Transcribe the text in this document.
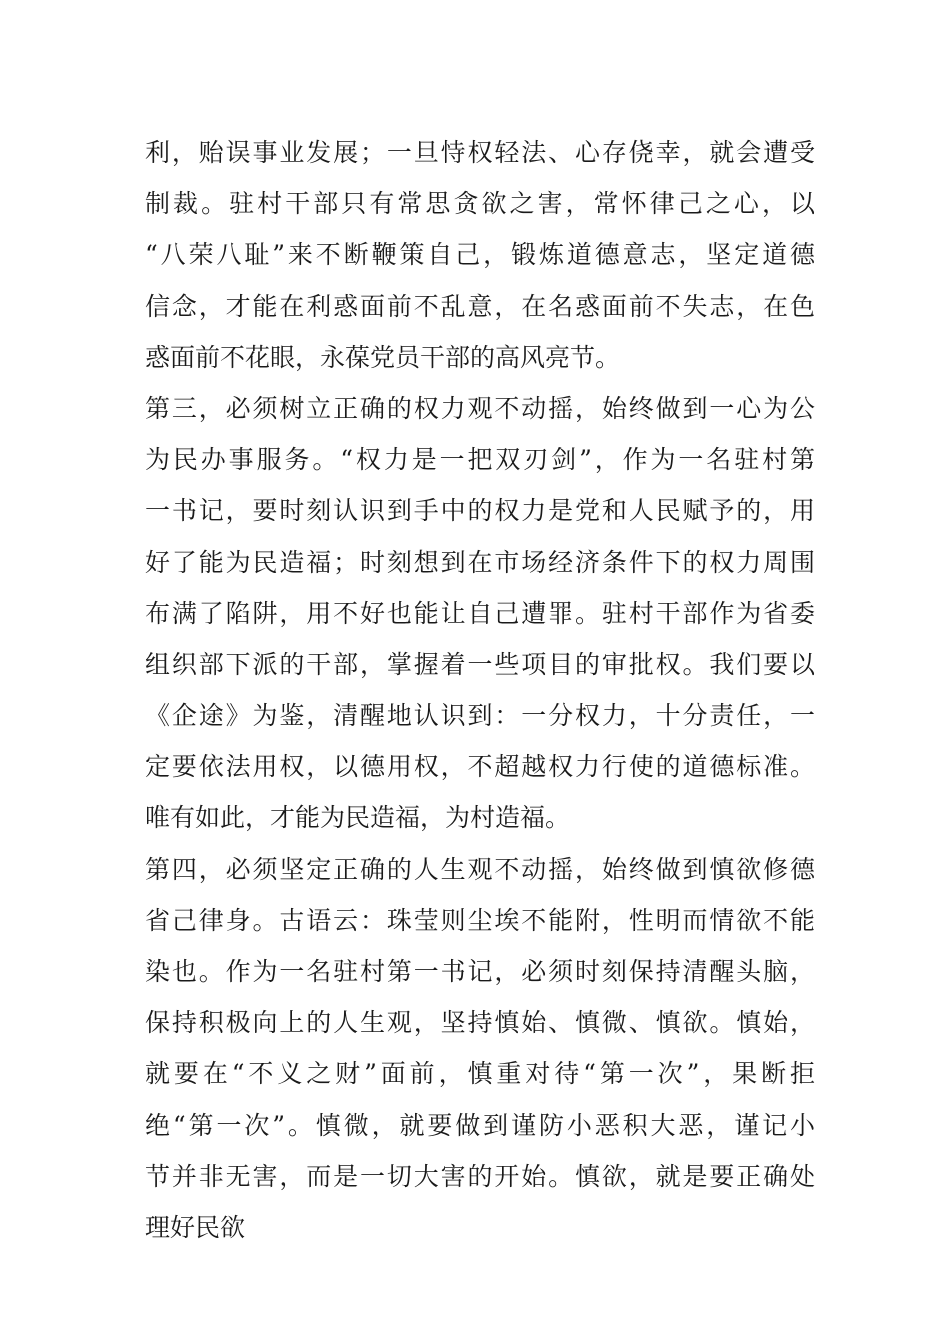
利，贻误事业发展；一旦恃权轻法、心存侥幸，就会遭受
制裁。驻村干部只有常思贪欲之害，常怀律己之心，以
“八荣八耻”来不断鞭策自己，锻炼道德意志，坚定道德
信念，才能在利惑面前不乱意，在名惑面前不失志，在色
惑面前不花眼，永葆党员干部的高风亮节。
第三，必须树立正确的权力观不动摇，始终做到一心为公
为民办事服务。“权力是一把双刃剑”，作为一名驻村第
一书记，要时刻认识到手中的权力是党和人民赋予的，用
好了能为民造福；时刻想到在市场经济条件下的权力周围
布满了陷阱，用不好也能让自己遭罪。驻村干部作为省委
组织部下派的干部，掌握着一些项目的审批权。我们要以
《企途》为鉴，清醒地认识到：一分权力，十分责任，一
定要依法用权，以德用权，不超越权力行使的道德标准。
唯有如此，才能为民造福，为村造福。
第四，必须坚定正确的人生观不动摇，始终做到慎欲修德
省己律身。古语云：珠莹则尘埃不能附，性明而情欲不能
染也。作为一名驻村第一书记，必须时刻保持清醒头脑，
保持积极向上的人生观，坚持慎始、慎微、慎欲。慎始，
就要在“不义之财”面前，慎重对待“第一次”，果断拒
绝“第一次”。慎微，就要做到谨防小恶积大恶，谨记小
节并非无害，而是一切大害的开始。慎欲，就是要正确处
理好民欲
